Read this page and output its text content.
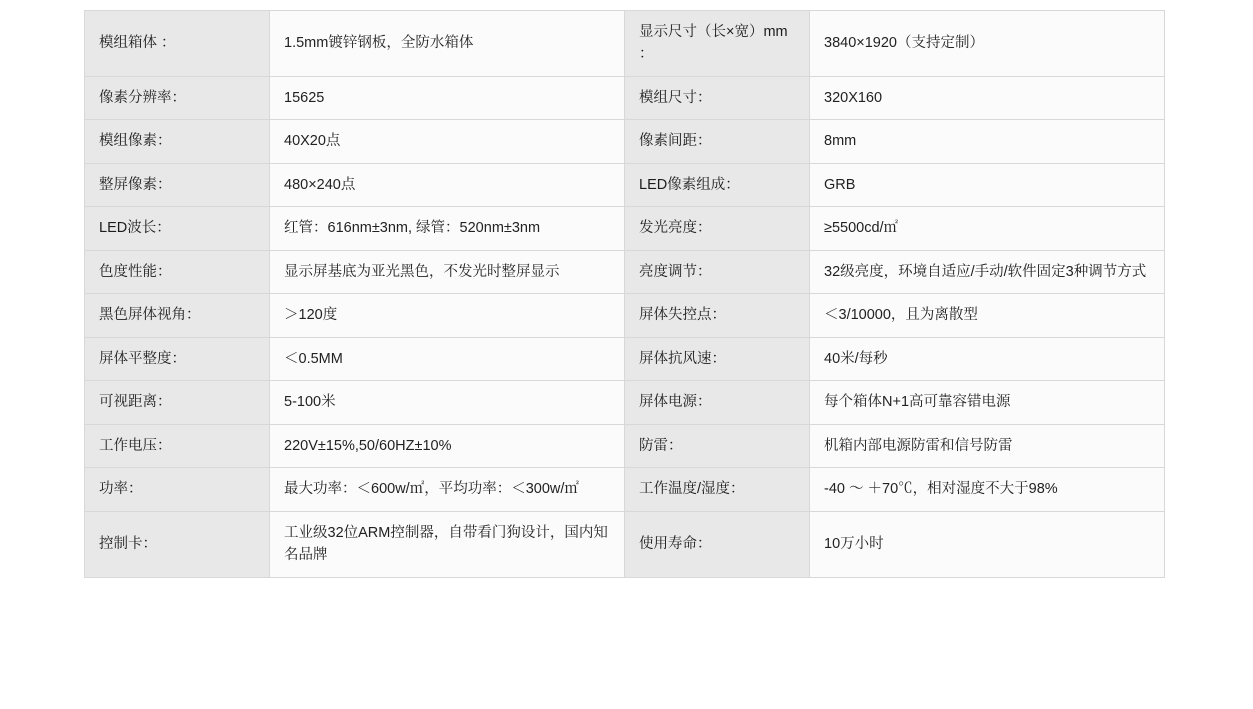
模组箱体 ：	1.5mm镀锌钢板，全防水箱体	显示尺寸（长×宽）mm ：	3840×1920（支持定制）
像素分辨率：	15625	模组尺寸：	320X160
模组像素：	40X20点	像素间距：	8mm
整屏像素：	480×240点	LED像素组成：	GRB
LED波长：	红管：616nm±3nm, 绿管：520nm±3nm	发光亮度：	≥5500cd/㎡
色度性能：	显示屏基底为亚光黑色，不发光时整屏显示	亮度调节：	32级亮度，环境自适应/手动/软件固定3种调节方式
黑色屏体视角：	＞120度	屏体失控点：	＜3/10000，且为离散型
屏体平整度：	＜0.5MM	屏体抗风速：	40米/每秒
可视距离：	5-100米	屏体电源：	每个箱体N+1高可靠容错电源
工作电压：	220V±15%,50/60HZ±10%	防雷：	机箱内部电源防雷和信号防雷
功率：	最大功率：＜600w/㎡，平均功率：＜300w/㎡	工作温度/湿度：	-40 ～ ＋70℃，相对湿度不大于98%
控制卡：	工业级32位ARM控制器，自带看门狗设计，国内知名品牌	使用寿命：	10万小时
